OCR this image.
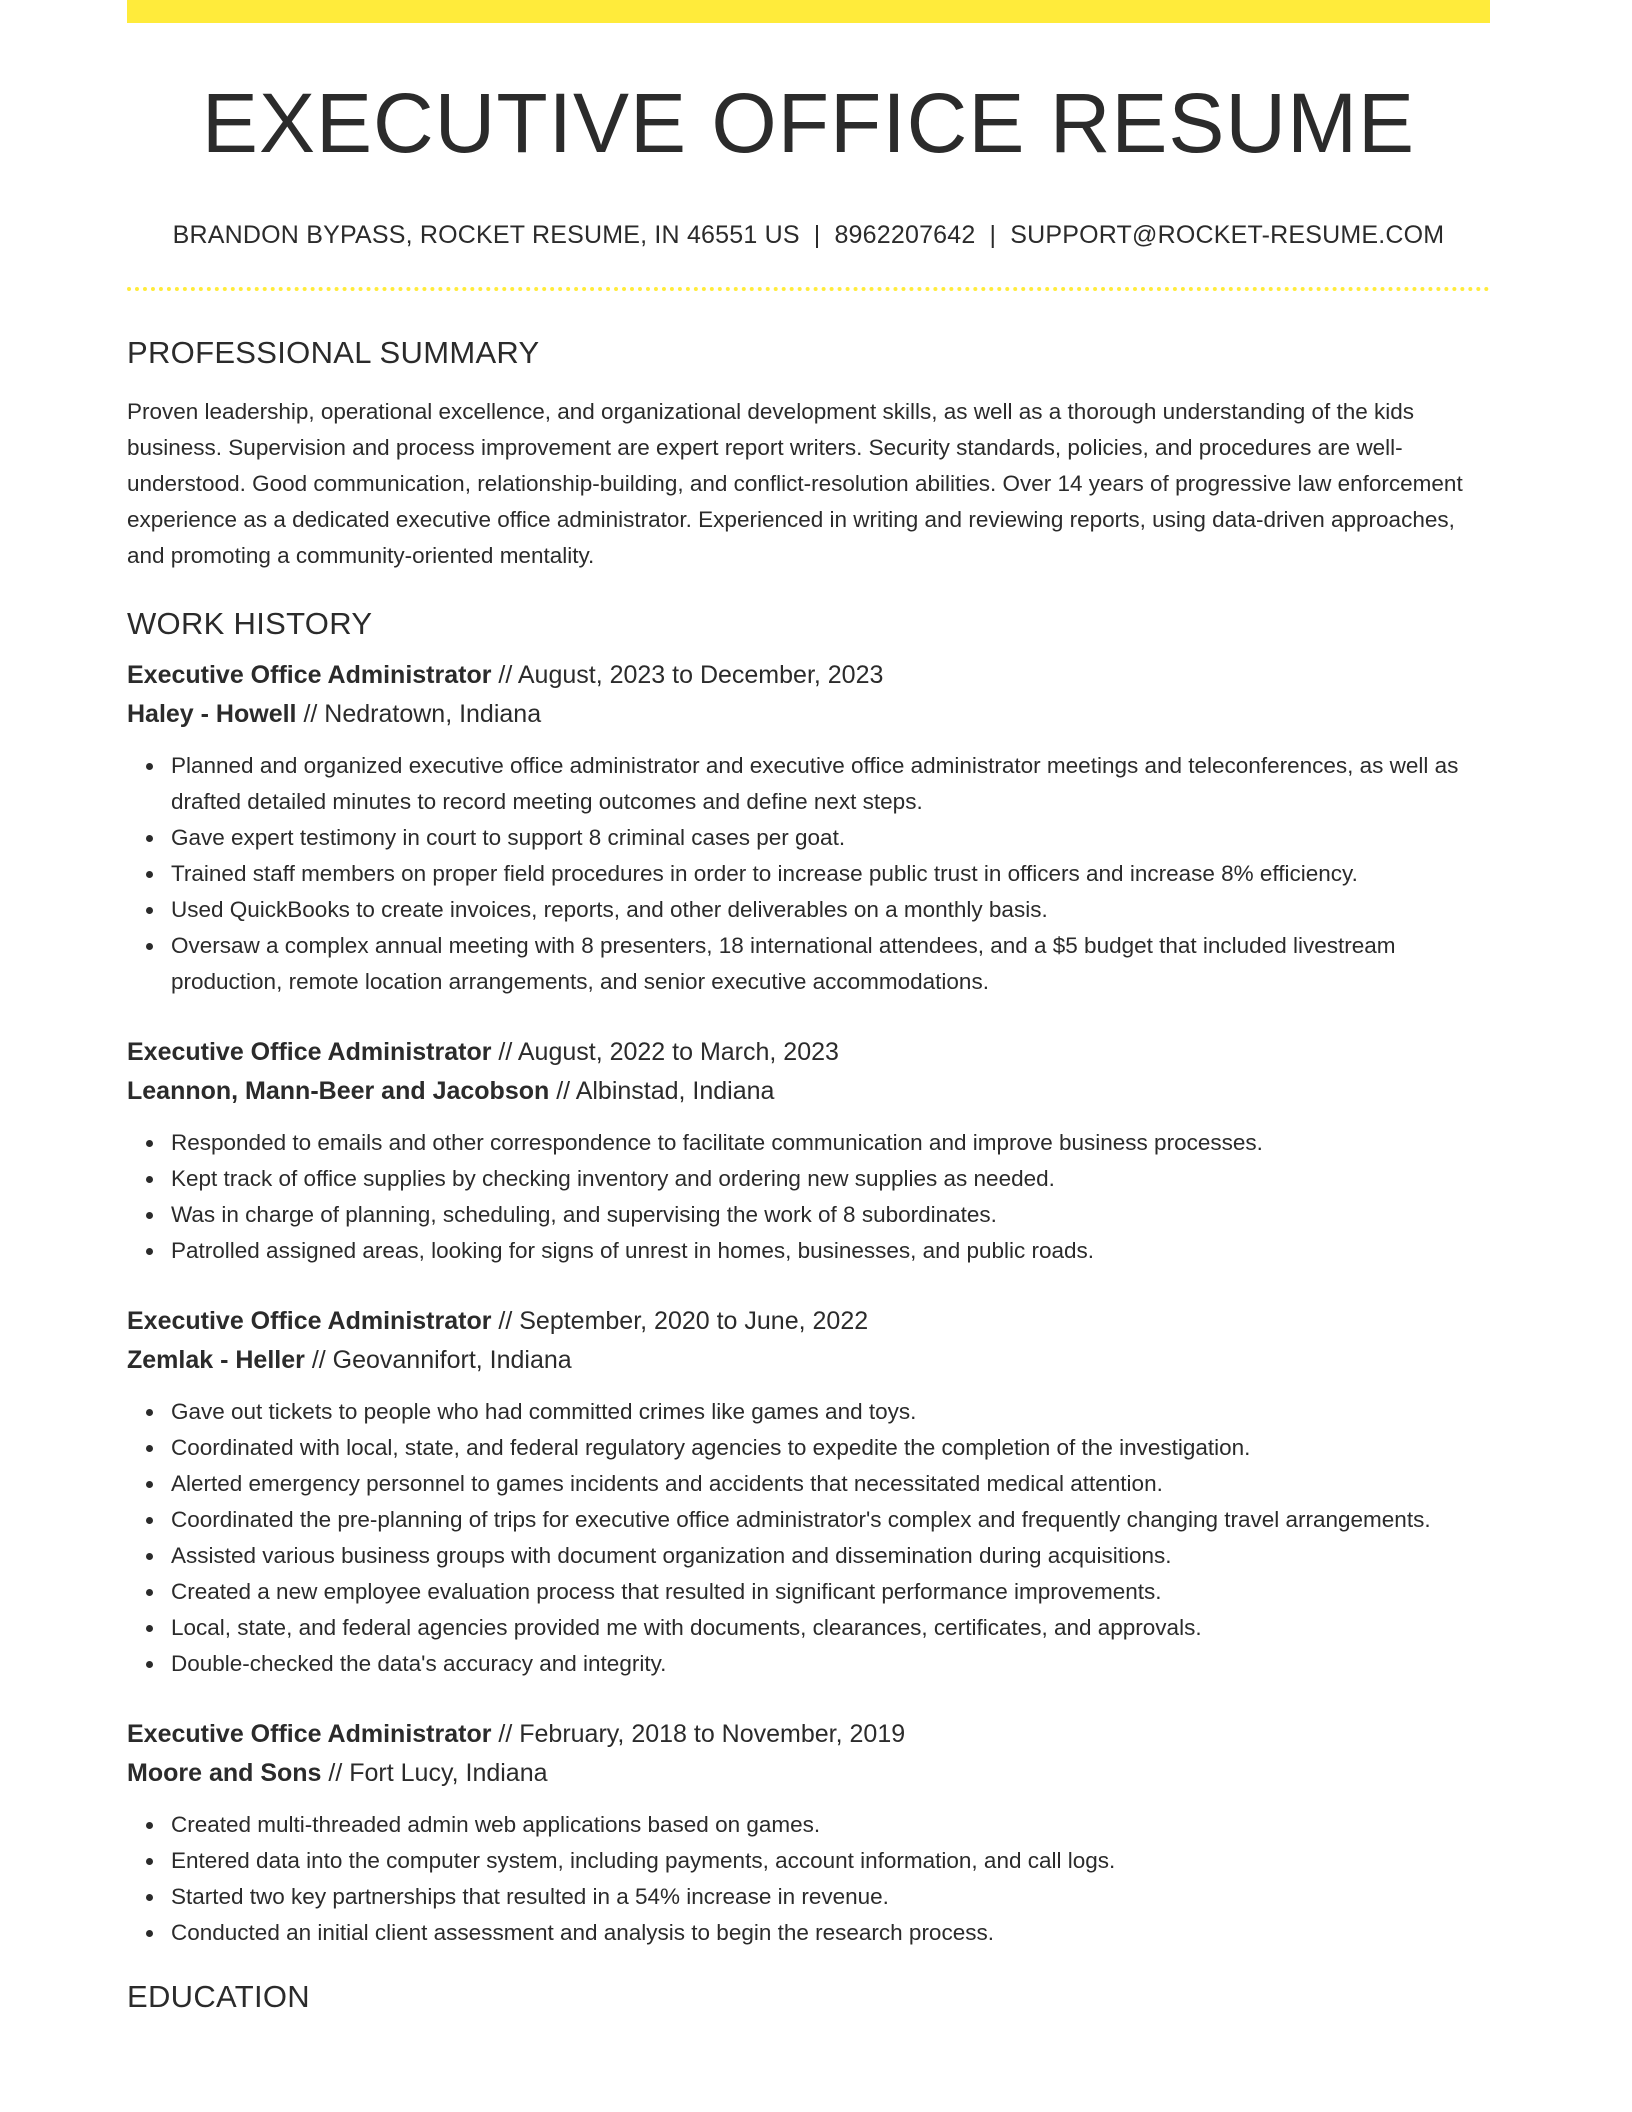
EXECUTIVE OFFICE RESUME
BRANDON BYPASS, ROCKET RESUME, IN 46551 US | 8962207642 | SUPPORT@ROCKET-RESUME.COM
PROFESSIONAL SUMMARY

Proven leadership, operational excellence, and organizational development skills, as well as a thorough understanding of the kids business. Supervision and process improvement are expert report writers. Security standards, policies, and procedures are well-understood. Good communication, relationship-building, and conflict-resolution abilities. Over 14 years of progressive law enforcement experience as a dedicated executive office administrator. Experienced in writing and reviewing reports, using data-driven approaches, and promoting a community-oriented mentality.

WORK HISTORY
Executive Office Administrator // August, 2023 to December, 2023
Haley - Howell // Nedratown, Indiana
Planned and organized executive office administrator and executive office administrator meetings and teleconferences, as well as drafted detailed minutes to record meeting outcomes and define next steps.
Gave expert testimony in court to support 8 criminal cases per goat.
Trained staff members on proper field procedures in order to increase public trust in officers and increase 8% efficiency.
Used QuickBooks to create invoices, reports, and other deliverables on a monthly basis.
Oversaw a complex annual meeting with 8 presenters, 18 international attendees, and a $5 budget that included livestream production, remote location arrangements, and senior executive accommodations.
Executive Office Administrator // August, 2022 to March, 2023
Leannon, Mann-Beer and Jacobson // Albinstad, Indiana
Responded to emails and other correspondence to facilitate communication and improve business processes.
Kept track of office supplies by checking inventory and ordering new supplies as needed.
Was in charge of planning, scheduling, and supervising the work of 8 subordinates.
Patrolled assigned areas, looking for signs of unrest in homes, businesses, and public roads.
Executive Office Administrator // September, 2020 to June, 2022
Zemlak - Heller // Geovannifort, Indiana
Gave out tickets to people who had committed crimes like games and toys.
Coordinated with local, state, and federal regulatory agencies to expedite the completion of the investigation.
Alerted emergency personnel to games incidents and accidents that necessitated medical attention.
Coordinated the pre-planning of trips for executive office administrator's complex and frequently changing travel arrangements.
Assisted various business groups with document organization and dissemination during acquisitions.
Created a new employee evaluation process that resulted in significant performance improvements.
Local, state, and federal agencies provided me with documents, clearances, certificates, and approvals.
Double-checked the data's accuracy and integrity.
Executive Office Administrator // February, 2018 to November, 2019
Moore and Sons // Fort Lucy, Indiana
Created multi-threaded admin web applications based on games.
Entered data into the computer system, including payments, account information, and call logs.
Started two key partnerships that resulted in a 54% increase in revenue.
Conducted an initial client assessment and analysis to begin the research process.
EDUCATION
